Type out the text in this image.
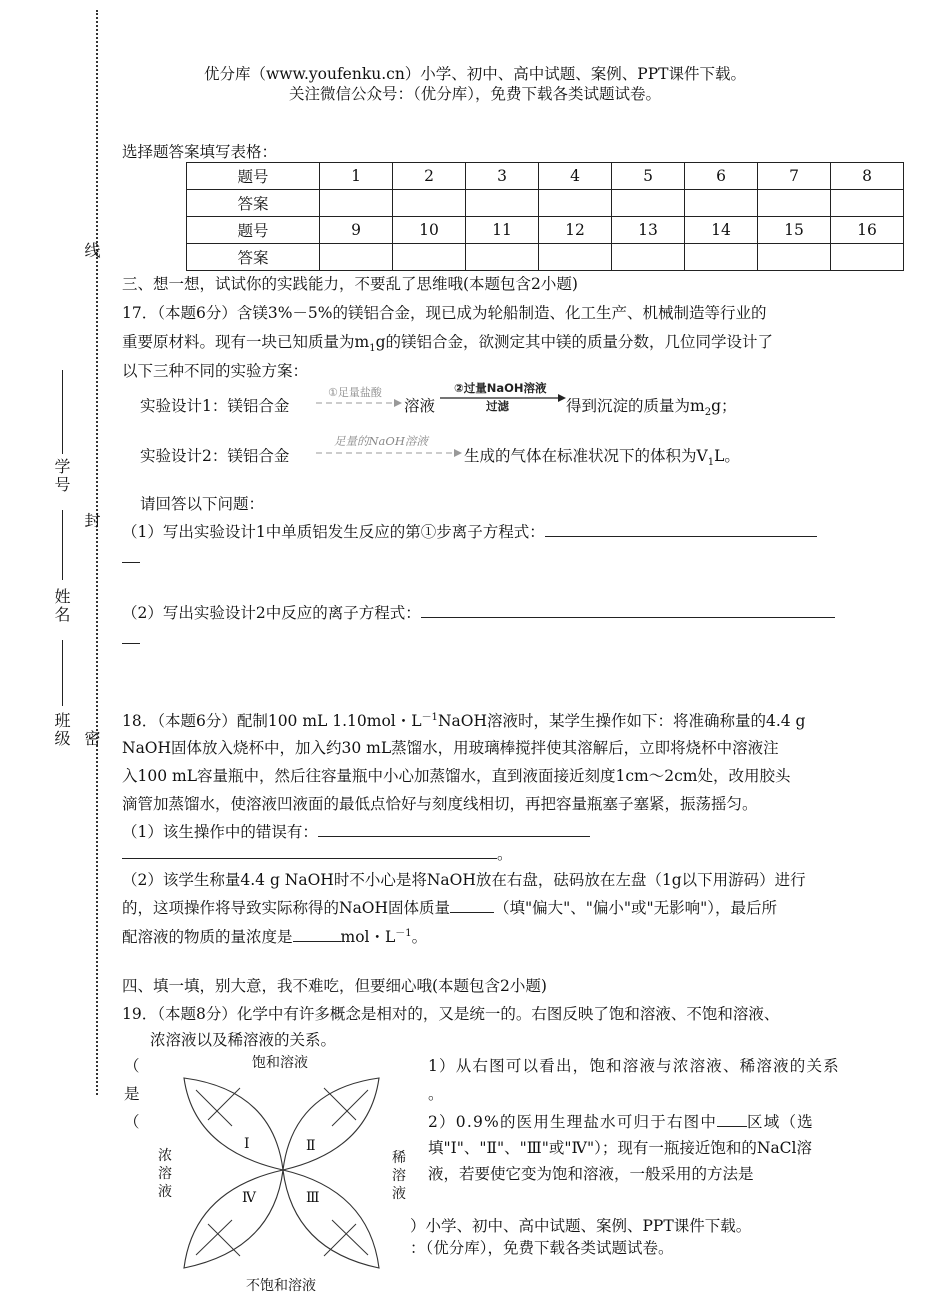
优分库（www.youfenku.cn）小学、初中、高中试题、案例、PPT课件下载。
关注微信公众号：（优分库），免费下载各类试题试卷。
线
封
密
学号
姓名
班级
选择题答案填写表格：
题号	1	2	3	4	5	6	7	8
答案								
题号	9	10	11	12	13	14	15	16
答案								
三、想一想，试试你的实践能力，不要乱了思维哦(本题包含2小题)
17．（本题6分）含镁3%－5%的镁铝合金，现已成为轮船制造、化工生产、机械制造等行业的
重要原材料。现有一块已知质量为$m_1g$的镁铝合金，欲测定其中镁的质量分数，几位同学设计了
以下三种不同的实验方案：
实验设计1：镁铝合金
①足量盐酸
溶液
②过量NaOH溶液
过滤	得到沉淀的质量为$m_2g$；
实验设计2：镁铝合金
足量的NaOH溶液
生成的气体在标准状况下的体积为$V_1L$。
请回答以下问题：
（1）写出实验设计1中单质铝发生反应的第①步离子方程式：
（2）写出实验设计2中反应的离子方程式：
18．（本题6分）配制100 mL 1.10mol・$L^{-1}NaOH$溶液时，某学生操作如下：将准确称量的4.4 g
NaOH固体放入烧杯中，加入约30 mL蒸馏水，用玻璃棒搅拌使其溶解后，立即将烧杯中溶液注
入100 mL容量瓶中，然后往容量瓶中小心加蒸馏水，直到液面接近刻度1cm～2cm处，改用胶头
滴管加蒸馏水，使溶液凹液面的最低点恰好与刻度线相切，再把容量瓶塞子塞紧，振荡摇匀。
（1）该生操作中的错误有：
。
（2）该学生称量4.4 g NaOH时不小心是将NaOH放在右盘，砝码放在左盘（1g以下用游码）进行
的，这项操作将导致实际称得的NaOH固体质量	（填"偏大"、"偏小"或"无影响"），最后所
配溶液的物质的量浓度是	mol・$L^{-1}$。
四、填一填，别大意，我不难吃，但要细心哦(本题包含2小题)
19．（本题8分）化学中有许多概念是相对的，又是统一的。右图反映了饱和溶液、不饱和溶液、
浓溶液以及稀溶液的关系。
（
是
（
1）从右图可以看出，饱和溶液与浓溶液、稀溶液的关系
。
2）0.9%的医用生理盐水可归于右图中 区域（选
填"Ⅰ"、"Ⅱ"、"Ⅲ"或"Ⅳ"）；现有一瓶接近饱和的NaCl溶
液，若要使它变为饱和溶液，一般采用的方法是
）小学、初中、高中试题、案例、PPT课件下载。
：（优分库），免费下载各类试题试卷。
饱和溶液
不饱和溶液
浓
溶
液
稀
溶
液
Ⅰ	Ⅱ
Ⅳ	Ⅲ
